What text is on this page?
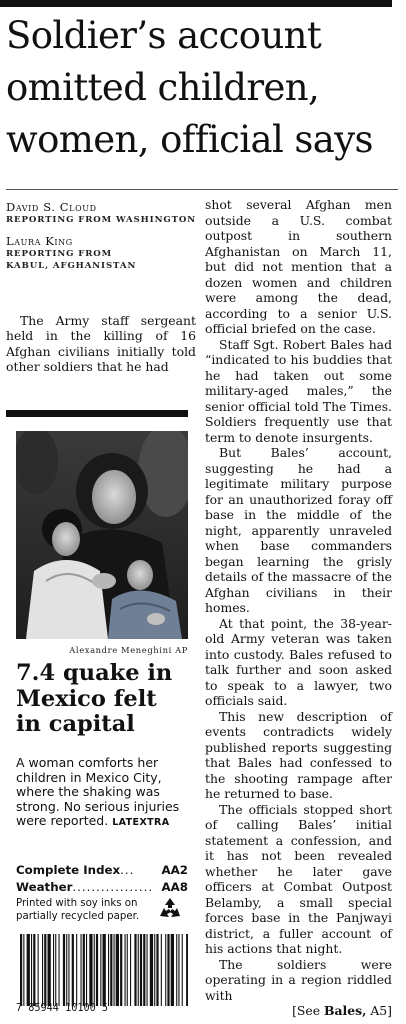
Soldier’s account
omitted children,
women, official says
David S. Cloud
REPORTING FROM WASHINGTON
Laura King
REPORTING FROM
KABUL, AFGHANISTAN

The Army staff sergeant held in the killing of 16 Afghan civilians initially told other soldiers that he had

Alexandre Meneghini AP
7.4 quake in
Mexico felt
in capital

A woman comforts her children in Mexico City, where the shaking was strong. No serious injuries were reported. LATEXTRA

Complete Index ...	AA2
Weather ................. AA8
Printed with soy inks on partially recycled paper.
7 85944 10100 5

shot several Afghan men outside a U.S. combat outpost in southern Afghanistan on March 11, but did not mention that a dozen women and children were among the dead, according to a senior U.S. official briefed on the case.

Staff Sgt. Robert Bales had “indicated to his buddies that he had taken out some military-aged males,” the senior official told The Times. Soldiers frequently use that term to denote insurgents.

But Bales’ account, suggesting he had a legitimate military purpose for an unauthorized foray off base in the middle of the night, apparently unraveled when base commanders began learning the grisly details of the massacre of the Afghan civilians in their homes.

At that point, the 38-year-old Army veteran was taken into custody. Bales refused to talk further and soon asked to speak to a lawyer, two officials said.

This new description of events contradicts widely published reports suggesting that Bales had confessed to the shooting rampage after he returned to base.

The officials stopped short of calling Bales’ initial statement a confession, and it has not been revealed whether he later gave officers at Combat Outpost Belamby, a small special forces base in the Panjwayi district, a fuller account of his actions that night.

The soldiers were operating in a region riddled with

[See Bales, A5]
